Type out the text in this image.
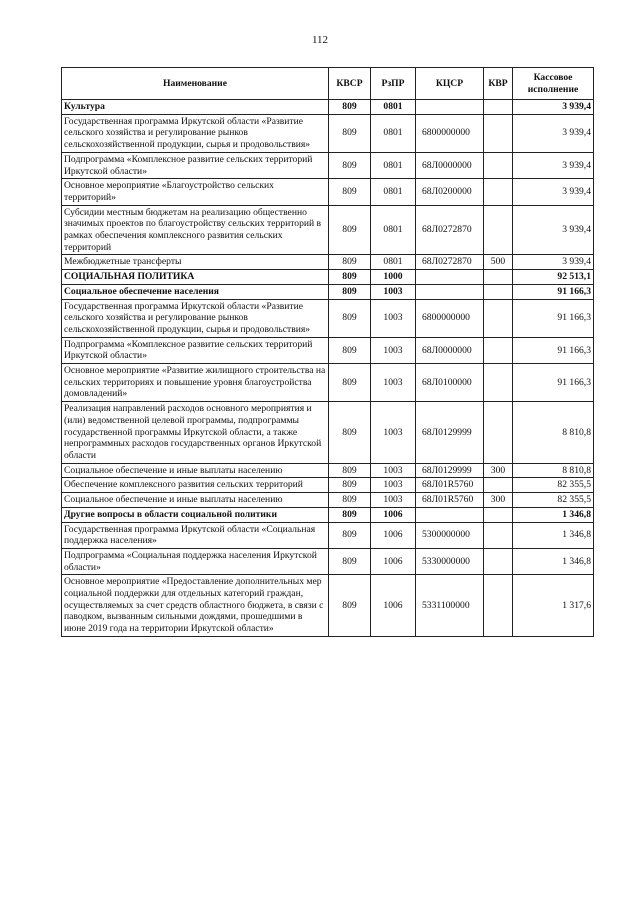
112
Наименование	КВСР	РзПР	КЦСР	КВР	Кассовое исполнение
Культура	809	0801			3 939,4
Государственная программа Иркутской области «Развитие сельского хозяйства и регулирование рынков сельскохозяйственной продукции, сырья и продовольствия»	809	0801	6800000000		3 939,4
Подпрограмма «Комплексное развитие сельских территорий Иркутской области»	809	0801	68Л0000000		3 939,4
Основное мероприятие «Благоустройство сельских территорий»	809	0801	68Л0200000		3 939,4
Субсидии местным бюджетам на реализацию общественно значимых проектов по благоустройству сельских территорий в рамках обеспечения комплексного развития сельских территорий	809	0801	68Л0272870		3 939,4
Межбюджетные трансферты	809	0801	68Л0272870	500	3 939,4
СОЦИАЛЬНАЯ ПОЛИТИКА	809	1000			92 513,1
Социальное обеспечение населения	809	1003			91 166,3
Государственная программа Иркутской области «Развитие сельского хозяйства и регулирование рынков сельскохозяйственной продукции, сырья и продовольствия»	809	1003	6800000000		91 166,3
Подпрограмма «Комплексное развитие сельских территорий Иркутской области»	809	1003	68Л0000000		91 166,3
Основное мероприятие «Развитие жилищного строительства на сельских территориях и повышение уровня благоустройства домовладений»	809	1003	68Л0100000		91 166,3
Реализация направлений расходов основного мероприятия и (или) ведомственной целевой программы, подпрограммы государственной программы Иркутской области, а также непрограммных расходов государственных органов Иркутской области	809	1003	68Л0129999		8 810,8
Социальное обеспечение и иные выплаты населению	809	1003	68Л0129999	300	8 810,8
Обеспечение комплексного развития сельских территорий	809	1003	68Л01R5760		82 355,5
Социальное обеспечение и иные выплаты населению	809	1003	68Л01R5760	300	82 355,5
Другие вопросы в области социальной политики	809	1006			1 346,8
Государственная программа Иркутской области «Социальная поддержка населения»	809	1006	5300000000		1 346,8
Подпрограмма «Социальная поддержка населения Иркутской области»	809	1006	5330000000		1 346,8
Основное мероприятие «Предоставление дополнительных мер социальной поддержки для отдельных категорий граждан, осуществляемых за счет средств областного бюджета, в связи с паводком, вызванным сильными дождями, прошедшими в июне 2019 года на территории Иркутской области»	809	1006	5331100000		1 317,6
